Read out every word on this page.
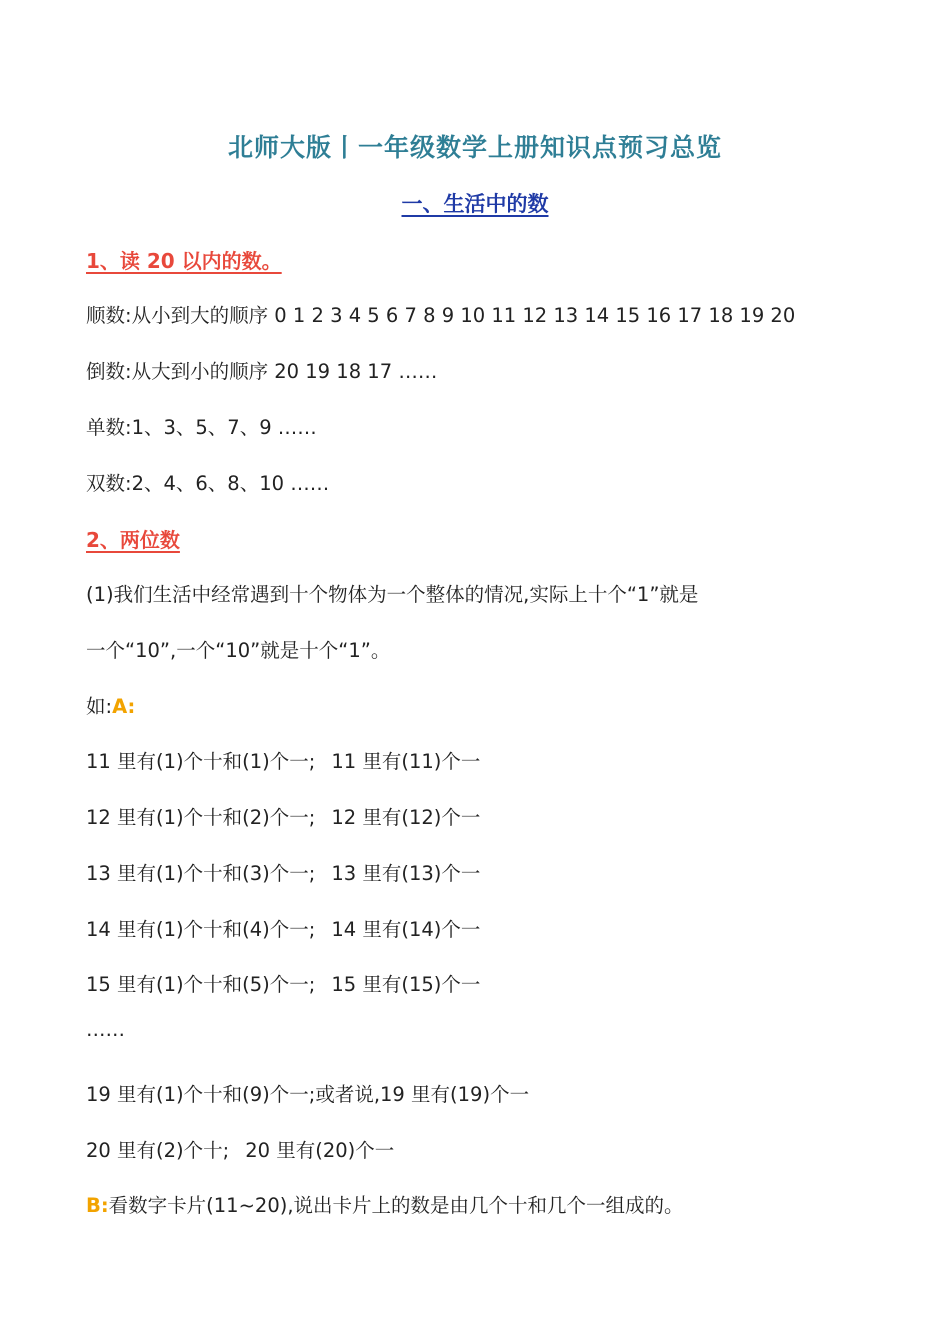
北师大版丨一年级数学上册知识点预习总览
一、生活中的数
1、读 20 以内的数。
顺数:从小到大的顺序 0 1 2 3 4 5 6 7 8 9 10 11 12 13 14 15 16 17 18 19 20
倒数:从大到小的顺序 20 19 18 17 ……
单数:1、3、5、7、9 ……
双数:2、4、6、8、10 ……
2、两位数
(1)我们生活中经常遇到十个物体为一个整体的情况,实际上十个“1”就是
一个“10”,一个“10”就是十个“1”。
如:A:
11 里有(1)个十和(1)个一; 11 里有(11)个一
12 里有(1)个十和(2)个一; 12 里有(12)个一
13 里有(1)个十和(3)个一; 13 里有(13)个一
14 里有(1)个十和(4)个一; 14 里有(14)个一
15 里有(1)个十和(5)个一; 15 里有(15)个一
……
19 里有(1)个十和(9)个一;或者说,19 里有(19)个一
20 里有(2)个十; 20 里有(20)个一
B:看数字卡片(11~20),说出卡片上的数是由几个十和几个一组成的。
